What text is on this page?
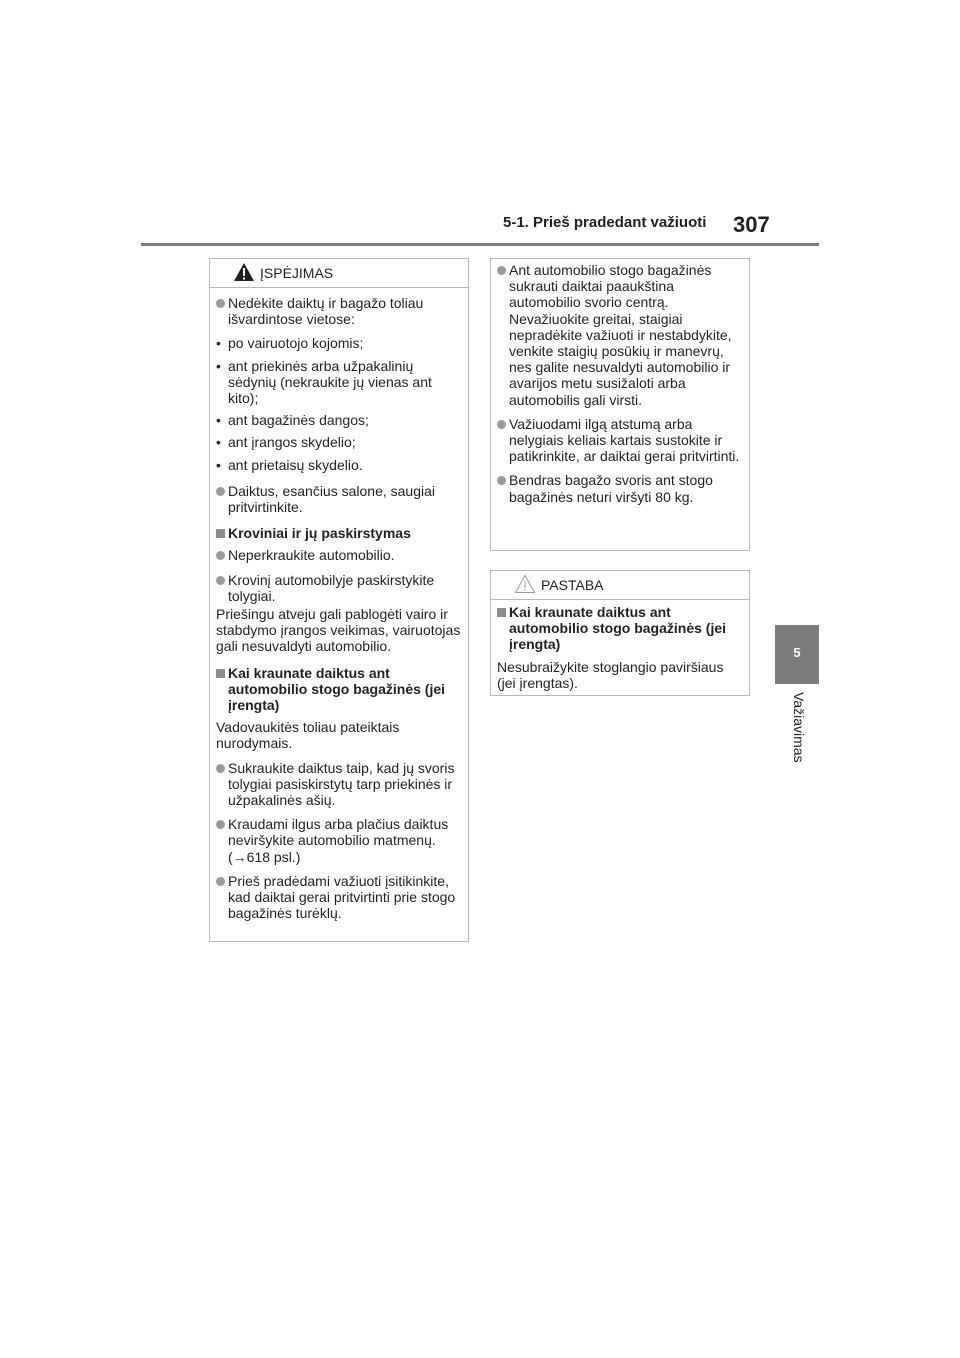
5-1. Prieš pradedant važiuoti 307
5
Važiavimas
ĮSPĖJIMAS
Nedėkite daiktų ir bagažo toliau išvardintose vietose:
• po vairuotojo kojomis;
• ant priekinės arba užpakalinių sėdynių (nekraukite jų vienas ant kito);
• ant bagažinės dangos;
• ant įrangos skydelio;
• ant prietaisų skydelio.
Daiktus, esančius salone, saugiai pritvirtinkite.
Kroviniai ir jų paskirstymas
Neperkraukite automobilio.
Krovinį automobilyje paskirstykite tolygiai.
Priešingu atveju gali pablogėti vairo ir stabdymo įrangos veikimas, vairuotojas gali nesuvaldyti automobilio.
Kai kraunate daiktus ant automobilio stogo bagažinės (jei įrengta)
Vadovaukitės toliau pateiktais nurodymais.
Sukraukite daiktus taip, kad jų svoris tolygiai pasiskirstytų tarp priekinės ir užpakalinės ašių.
Kraudami ilgus arba plačius daiktus neviršykite automobilio matmenų. (→618 psl.)
Prieš pradėdami važiuoti įsitikinkite, kad daiktai gerai pritvirtinti prie stogo bagažinės turėklų.
Ant automobilio stogo bagažinės sukrauti daiktai paaukština automobilio svorio centrą. Nevažiuokite greitai, staigiai nepradėkite važiuoti ir nestabdykite, venkite staigių posūkių ir manevrų, nes galite nesuvaldyti automobilio ir avarijos metu susižaloti arba automobilis gali virsti.
Važiuodami ilgą atstumą arba nelygiais keliais kartais sustokite ir patikrinkite, ar daiktai gerai pritvirtinti.
Bendras bagažo svoris ant stogo bagažinės neturi viršyti 80 kg.
PASTABA
Kai kraunate daiktus ant automobilio stogo bagažinės (jei įrengta)
Nesubraižykite stoglangio paviršiaus (jei įrengtas).
